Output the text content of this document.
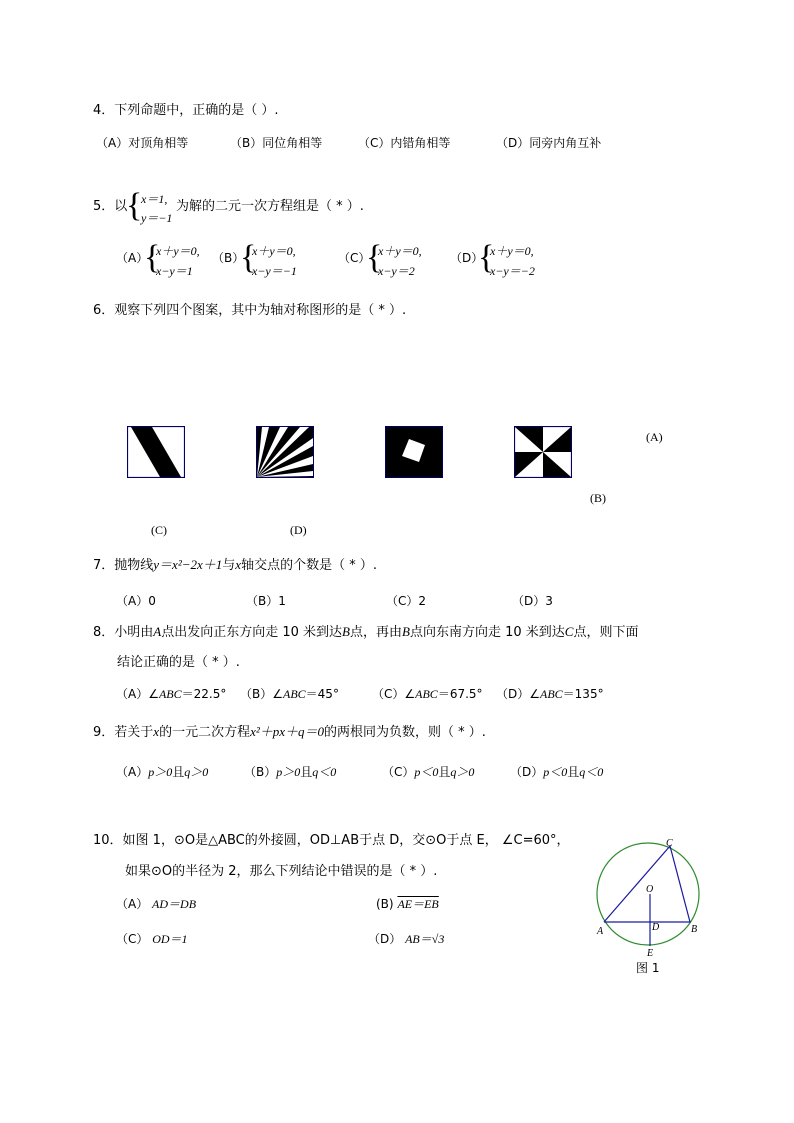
4．下列命题中，正确的是（ ）.
（A）对顶角相等	（B）同位角相等	（C）内错角相等	（D）同旁内角互补
5．以
{
x＝1,
y＝−1
为解的二元一次方程组是（ * ）.
（A）
{
x＋y＝0,
x−y＝1
（B）
{
x＋y＝0,
x−y＝−1
（C）
{
x＋y＝0,
x−y＝2
（D）
{
x＋y＝0,
x−y＝−2
6．观察下列四个图案，其中为轴对称图形的是（ * ）.
(A)
(B)
(C)	(D)
7．抛物线y＝x²−2x＋1与x轴交点的个数是（ * ）.
（A）0	（B）1	（C）2	（D）3
8．小明由A点出发向正东方向走 10 米到达B点，再由B点向东南方向走 10 米到达C点，则下面
结论正确的是（ * ）.
（A）∠ABC＝22.5° （B）∠ABC＝45°	（C）∠ABC＝67.5° （D）∠ABC＝135°
9．若关于x的一元二次方程x²＋px＋q＝0的两根同为负数，则（ * ）.
（A）p＞0且q＞0	（B）p＞0且q＜0	（C）p＜0且q＞0	（D）p＜0且q＜0
10．如图 1，⊙O是△ABC的外接圆，OD⊥AB于点 D，交⊙O于点 E， ∠C=60°，
如果⊙O的半径为 2，那么下列结论中错误的是（ * ）.
（A） AD＝DB	(B) AE＝EB
（C） OD＝1	（D） AB＝√3
C
O
A	D	B
E
图 1
